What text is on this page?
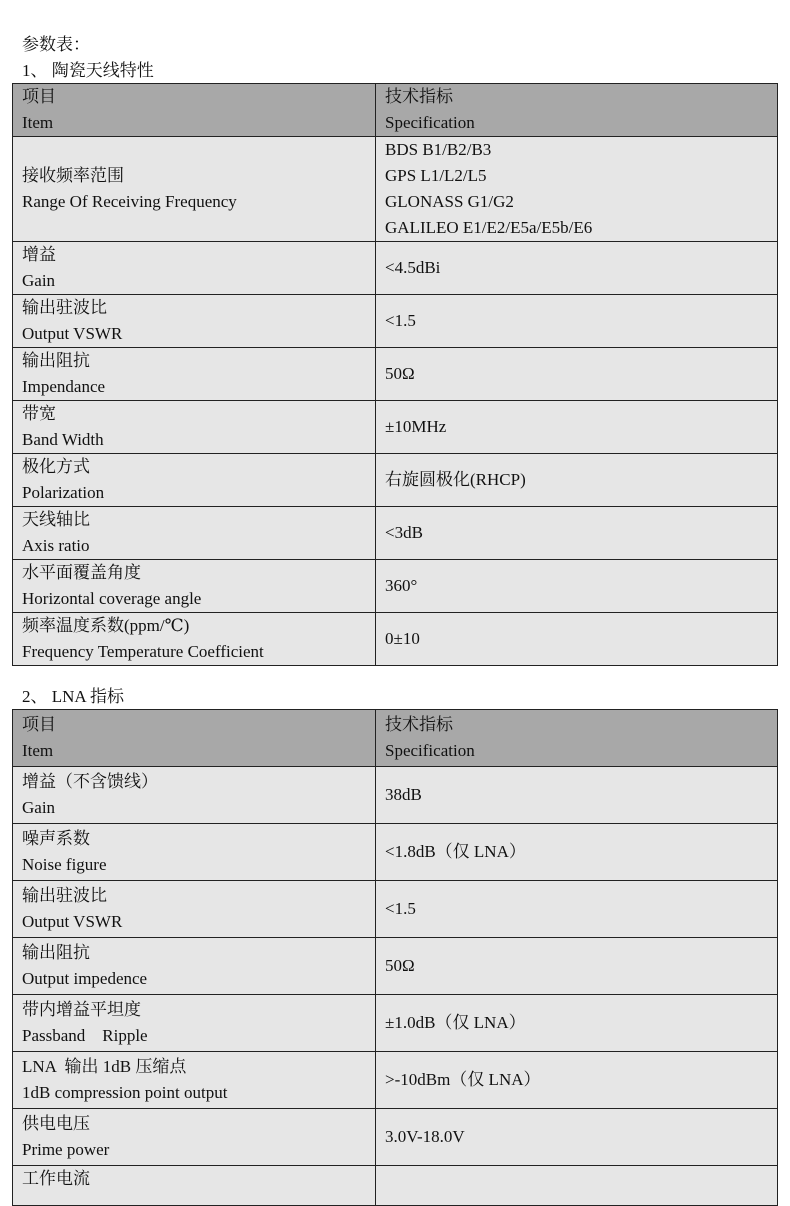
参数表：
1、 陶瓷天线特性
项目
Item	技术指标
Specification

接收频率范围
Range Of Receiving Frequency	BDS B1/B2/B3
GPS L1/L2/L5
GLONASS G1/G2
GALILEO E1/E2/E5a/E5b/E6

增益
Gain	<4.5dBi

输出驻波比
Output VSWR	<1.5

输出阻抗
Impendance	50Ω

带宽
Band Width	±10MHz

极化方式
Polarization	右旋圆极化(RHCP)

天线轴比
Axis ratio	<3dB

水平面覆盖角度
Horizontal coverage angle	360°

频率温度系数(ppm/℃)
Frequency Temperature Coefficient	0±10
2、 LNA 指标
项目
Item	技术指标
Specification

增益（不含馈线）
Gain	38dB

噪声系数
Noise figure	<1.8dB（仅 LNA）

输出驻波比
Output VSWR	<1.5

输出阻抗
Output impedence	50Ω

带内增益平坦度
Passband    Ripple	±1.0dB（仅 LNA）

LNA  输出 1dB 压缩点
1dB compression point output	>-10dBm（仅 LNA）

供电电压
Prime power	3.0V-18.0V

工作电流	
